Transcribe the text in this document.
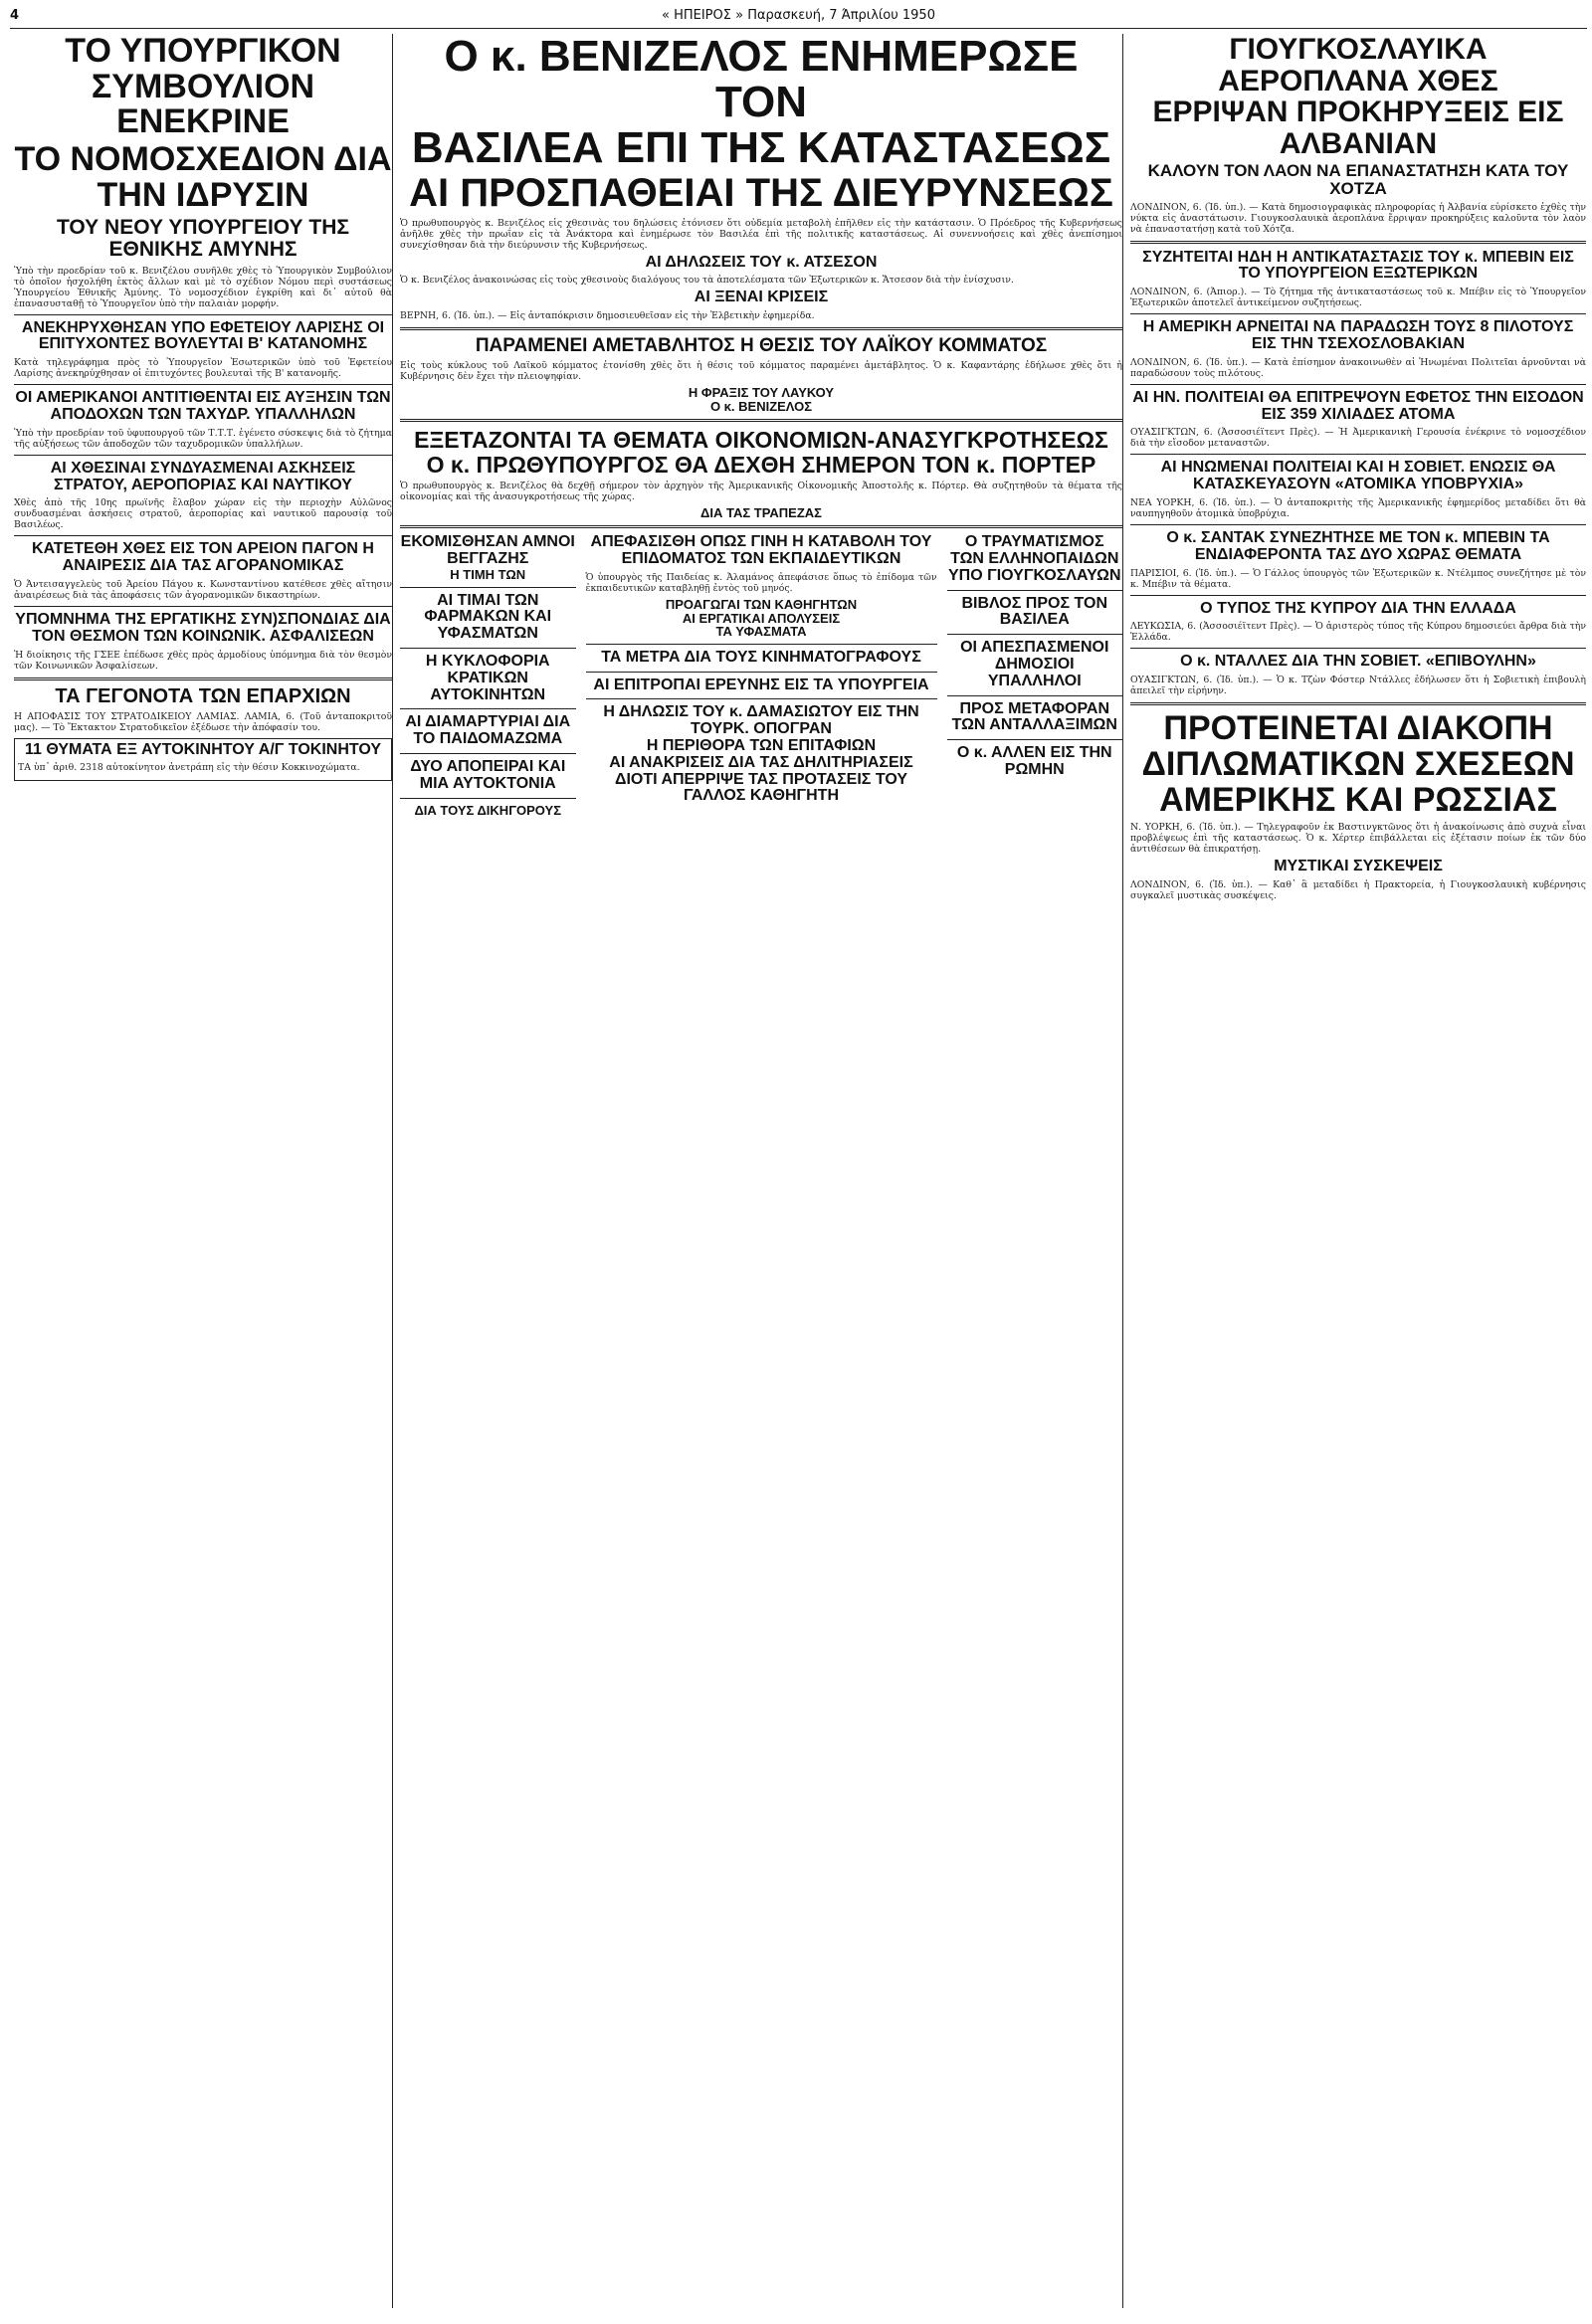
4	« ΗΠΕΙΡΟΣ » Παρασκευή, 7 Άπριλίου 1950
ΤΟ ΥΠΟΥΡΓΙΚΟΝ ΣΥΜΒΟΥΛΙΟΝ ΕΝΕΚΡΙΝΕ
ΤΟ ΝΟΜΟΣΧΕΔΙΟΝ ΔΙΑ ΤΗΝ ΙΔΡΥΣΙΝ
ΤΟΥ ΝΕΟΥ ΥΠΟΥΡΓΕΙΟΥ ΤΗΣ ΕΘΝΙΚΗΣ ΑΜΥΝΗΣ

Ὑπὸ τὴν προεδρίαν τοῦ κ. Βενιζέλου συνῆλθε χθὲς τὸ Ὑπουργικὸν Συμβούλιον τὸ ὁποῖον ἠσχολήθη ἐκτὸς ἄλλων καὶ μὲ τὸ σχέδιον Νόμου περὶ συστάσεως Ὑπουργείου Ἐθνικῆς Ἀμύνης. Τὸ νομοσχέδιον ἐγκρίθη καὶ δι᾽ αὐτοῦ θὰ ἐπανασυσταθῇ τὸ Ὑπουργεῖον ὑπὸ τὴν παλαιὰν μορφήν.

ΑΝΕΚΗΡΥΧΘΗΣΑΝ ΥΠΟ ΕΦΕΤΕΙΟΥ ΛΑΡΙΣΗΣ ΟΙ ΕΠΙΤΥΧΟΝΤΕΣ ΒΟΥΛΕΥΤΑΙ Β' ΚΑΤΑΝΟΜΗΣ

Κατὰ τηλεγράφημα πρὸς τὸ Ὑπουργεῖον Ἐσωτερικῶν ὑπὸ τοῦ Ἐφετείου Λαρίσης ἀνεκηρύχθησαν οἱ ἐπιτυχόντες βουλευταὶ τῆς Β' κατανομῆς.

ΟΙ ΑΜΕΡΙΚΑΝΟΙ ΑΝΤΙΤΙΘΕΝΤΑΙ ΕΙΣ ΑΥΞΗΣΙΝ ΤΩΝ ΑΠΟΔΟΧΩΝ ΤΩΝ ΤΑΧΥΔΡ. ΥΠΑΛΛΗΛΩΝ

Ὑπὸ τὴν προεδρίαν τοῦ ὑφυπουργοῦ τῶν Τ.Τ.Τ. ἐγένετο σύσκεψις διὰ τὸ ζήτημα τῆς αὐξήσεως τῶν ἀποδοχῶν τῶν ταχυδρομικῶν ὑπαλλήλων.

ΑΙ ΧΘΕΣΙΝΑΙ ΣΥΝΔΥΑΣΜΕΝΑΙ ΑΣΚΗΣΕΙΣ ΣΤΡΑΤΟΥ, ΑΕΡΟΠΟΡΙΑΣ ΚΑΙ ΝΑΥΤΙΚΟΥ

Χθὲς ἀπὸ τῆς 10ης πρωϊνῆς ἔλαβον χώραν εἰς τὴν περιοχὴν Αὐλῶνος συνδυασμέναι ἀσκήσεις στρατοῦ, ἀεροπορίας καὶ ναυτικοῦ παρουσίᾳ τοῦ Βασιλέως.

ΚΑΤΕΤΕΘΗ ΧΘΕΣ ΕΙΣ ΤΟΝ ΑΡΕΙΟΝ ΠΑΓΟΝ Η ΑΝΑΙΡΕΣΙΣ ΔΙΑ ΤΑΣ ΑΓΟΡΑΝΟΜΙΚΑΣ

Ὁ Ἀντεισαγγελεὺς τοῦ Ἀρείου Πάγου κ. Κωνσταντίνου κατέθεσε χθὲς αἴτησιν ἀναιρέσεως διὰ τὰς ἀποφάσεις τῶν ἀγορανομικῶν δικαστηρίων.

ΥΠΟΜΝΗΜΑ ΤΗΣ ΕΡΓΑΤΙΚΗΣ ΣΥΝ)ΣΠΟΝΔΙΑΣ ΔΙΑ ΤΟΝ ΘΕΣΜΟΝ ΤΩΝ ΚΟΙΝΩΝΙΚ. ΑΣΦΑΛΙΣΕΩΝ

Ἡ διοίκησις τῆς ΓΣΕΕ ἐπέδωσε χθὲς πρὸς ἁρμοδίους ὑπόμνημα διὰ τὸν θεσμὸν τῶν Κοινωνικῶν Ἀσφαλίσεων.

ΤΑ ΓΕΓΟΝΟΤΑ ΤΩΝ ΕΠΑΡΧΙΩΝ

Η ΑΠΟΦΑΣΙΣ ΤΟΥ ΣΤΡΑΤΟΔΙΚΕΙΟΥ ΛΑΜΙΑΣ. ΛΑΜΙΑ, 6. (Τοῦ ἀνταποκριτοῦ μας). — Τὸ Ἔκτακτον Στρατοδικεῖον ἐξέδωσε τὴν ἀπόφασίν του.

11 ΘΥΜΑΤΑ ΕΞ ΑΥΤΟΚΙΝΗΤΟΥ Α/Γ ΤΟΚΙΝΗΤΟΥ

ΤΑ ὑπ᾽ ἀριθ. 2318 αὐτοκίνητον ἀνετράπη εἰς τὴν θέσιν Κοκκινοχώματα.

Ο κ. ΒΕΝΙΖΕΛΟΣ ΕΝΗΜΕΡΩΣΕ ΤΟΝ
ΒΑΣΙΛΕΑ ΕΠΙ ΤΗΣ ΚΑΤΑΣΤΑΣΕΩΣ
ΑΙ ΠΡΟΣΠΑΘΕΙΑΙ ΤΗΣ ΔΙΕΥΡΥΝΣΕΩΣ

Ὁ πρωθυπουργὸς κ. Βενιζέλος εἰς χθεσινὰς του δηλώσεις ἐτόνισεν ὅτι οὐδεμία μεταβολὴ ἐπῆλθεν εἰς τὴν κατάστασιν. Ὁ Πρόεδρος τῆς Κυβερνήσεως ἀνῆλθε χθὲς τὴν πρωΐαν εἰς τὰ Ἀνάκτορα καὶ ἐνημέρωσε τὸν Βασιλέα ἐπὶ τῆς πολιτικῆς καταστάσεως. Αἱ συνεννοήσεις καὶ χθὲς ἀνεπίσημοι συνεχίσθησαν διὰ τὴν διεύρυνσιν τῆς Κυβερνήσεως.

ΑΙ ΔΗΛΩΣΕΙΣ ΤΟΥ κ. ΑΤΣΕΣΟΝ

Ὁ κ. Βενιζέλος ἀνακοινώσας εἰς τοὺς χθεσινοὺς διαλόγους του τὰ ἀποτελέσματα τῶν Ἐξωτερικῶν κ. Ἄτσεσον διὰ τὴν ἐνίσχυσιν.

ΑΙ ΞΕΝΑΙ ΚΡΙΣΕΙΣ

ΒΕΡΝΗ, 6. (Ἰδ. ὑπ.). — Εἰς ἀνταπόκρισιν δημοσιευθεῖσαν εἰς τὴν Ἑλβετικὴν ἐφημερίδα.

ΠΑΡΑΜΕΝΕΙ ΑΜΕΤΑΒΛΗΤΟΣ Η ΘΕΣΙΣ ΤΟΥ ΛΑΪΚΟΥ ΚΟΜΜΑΤΟΣ

Εἰς τοὺς κύκλους τοῦ Λαϊκοῦ κόμματος ἐτονίσθη χθὲς ὅτι ἡ θέσις τοῦ κόμματος παραμένει ἀμετάβλητος. Ὁ κ. Καφαντάρης ἐδήλωσε χθὲς ὅτι ἡ Κυβέρνησις δὲν ἔχει τὴν πλειοψηφίαν.

Η ΦΡΑΞΙΣ ΤΟΥ ΛΑΥΚΟΥ
Ο κ. ΒΕΝΙΖΕΛΟΣ
ΕΞΕΤΑΖΟΝΤΑΙ ΤΑ ΘΕΜΑΤΑ ΟΙΚΟΝΟΜΙΩΝ-ΑΝΑΣΥΓΚΡΟΤΗΣΕΩΣ
Ο κ. ΠΡΩΘΥΠΟΥΡΓΟΣ ΘΑ ΔΕΧΘΗ ΣΗΜΕΡΟΝ ΤΟΝ κ. ΠΟΡΤΕΡ

Ὁ πρωθυπουργὸς κ. Βενιζέλος θὰ δεχθῇ σήμερον τὸν ἀρχηγὸν τῆς Ἀμερικανικῆς Οἰκονομικῆς Ἀποστολῆς κ. Πόρτερ. Θὰ συζητηθοῦν τὰ θέματα τῆς οἰκονομίας καὶ τῆς ἀνασυγκροτήσεως τῆς χώρας.

ΔΙΑ ΤΑΣ ΤΡΑΠΕΖΑΣ
ΕΚΟΜΙΣΘΗΣΑΝ ΑΜΝΟΙ ΒΕΓΓΑΖΗΣ
Η ΤΙΜΗ ΤΩΝ
ΑΙ ΤΙΜΑΙ ΤΩΝ ΦΑΡΜΑΚΩΝ ΚΑΙ ΥΦΑΣΜΑΤΩΝ
Η ΚΥΚΛΟΦΟΡΙΑ ΚΡΑΤΙΚΩΝ ΑΥΤΟΚΙΝΗΤΩΝ
ΑΙ ΔΙΑΜΑΡΤΥΡΙΑΙ ΔΙΑ ΤΟ ΠΑΙΔΟΜΑΖΩΜΑ
ΔΥΟ ΑΠΟΠΕΙΡΑΙ ΚΑΙ ΜΙΑ ΑΥΤΟΚΤΟΝΙΑ
ΔΙΑ ΤΟΥΣ ΔΙΚΗΓΟΡΟΥΣ
ΑΠΕΦΑΣΙΣΘΗ ΟΠΩΣ ΓΙΝΗ Η ΚΑΤΑΒΟΛΗ ΤΟΥ ΕΠΙΔΟΜΑΤΟΣ ΤΩΝ ΕΚΠΑΙΔΕΥΤΙΚΩΝ

Ὁ ὑπουργὸς τῆς Παιδείας κ. Ἀλαμάνος ἀπεφάσισε ὅπως τὸ ἐπίδομα τῶν ἐκπαιδευτικῶν καταβληθῇ ἐντὸς τοῦ μηνός.

ΠΡΟΑΓΩΓΑΙ ΤΩΝ ΚΑΘΗΓΗΤΩΝ
ΑΙ ΕΡΓΑΤΙΚΑΙ ΑΠΟΛΥΣΕΙΣ
ΤΑ ΥΦΑΣΜΑΤΑ
ΤΑ ΜΕΤΡΑ ΔΙΑ ΤΟΥΣ ΚΙΝΗΜΑΤΟΓΡΑΦΟΥΣ
ΑΙ ΕΠΙΤΡΟΠΑΙ ΕΡΕΥΝΗΣ ΕΙΣ ΤΑ ΥΠΟΥΡΓΕΙΑ
Η ΔΗΛΩΣΙΣ ΤΟΥ κ. ΔΑΜΑΣΙΩΤΟΥ ΕΙΣ ΤΗΝ ΤΟΥΡΚ. ΟΠΟΓΡΑΝ
Η ΠΕΡΙΘΟΡΑ ΤΩΝ ΕΠΙΤΑΦΙΩΝ
ΑΙ ΑΝΑΚΡΙΣΕΙΣ ΔΙΑ ΤΑΣ ΔΗΛΙΤΗΡΙΑΣΕΙΣ
ΔΙΟΤΙ ΑΠΕΡΡΙΨΕ ΤΑΣ ΠΡΟΤΑΣΕΙΣ ΤΟΥ
ΓΑΛΛΟΣ ΚΑΘΗΓΗΤΗ
Ο ΤΡΑΥΜΑΤΙΣΜΟΣ ΤΩΝ ΕΛΛΗΝΟΠΑΙΔΩΝ ΥΠΟ ΓΙΟΥΓΚΟΣΛΑΥΩΝ
ΒΙΒΛΟΣ ΠΡΟΣ ΤΟΝ ΒΑΣΙΛΕΑ
ΟΙ ΑΠΕΣΠΑΣΜΕΝΟΙ ΔΗΜΟΣΙΟΙ ΥΠΑΛΛΗΛΟΙ
ΠΡΟΣ ΜΕΤΑΦΟΡΑΝ ΤΩΝ ΑΝΤΑΛΛΑΞΙΜΩΝ
Ο κ. ΑΛΛΕΝ ΕΙΣ ΤΗΝ ΡΩΜΗΝ
ΓΙΟΥΓΚΟΣΛΑΥΙΚΑ ΑΕΡΟΠΛΑΝΑ ΧΘΕΣ
ΕΡΡΙΨΑΝ ΠΡΟΚΗΡΥΞΕΙΣ ΕΙΣ ΑΛΒΑΝΙΑΝ
ΚΑΛΟΥΝ ΤΟΝ ΛΑΟΝ ΝΑ ΕΠΑΝΑΣΤΑΤΗΣΗ ΚΑΤΑ ΤΟΥ ΧΟΤΖΑ

ΛΟΝΔΙΝΟΝ, 6. (Ἰδ. ὑπ.). — Κατὰ δημοσιογραφικὰς πληροφορίας ἡ Ἀλβανία εὑρίσκετο ἐχθὲς τὴν νύκτα εἰς ἀναστάτωσιν. Γιουγκοσλαυικὰ ἀεροπλάνα ἔρριψαν προκηρύξεις καλοῦντα τὸν λαὸν νὰ ἐπαναστατήσῃ κατὰ τοῦ Χότζα.

ΣΥΖΗΤΕΙΤΑΙ ΗΔΗ Η ΑΝΤΙΚΑΤΑΣΤΑΣΙΣ ΤΟΥ κ. ΜΠΕΒΙΝ ΕΙΣ ΤΟ ΥΠΟΥΡΓΕΙΟΝ ΕΞΩΤΕΡΙΚΩΝ

ΛΟΝΔΙΝΟΝ, 6. (Ἀπιορ.). — Τὸ ζήτημα τῆς ἀντικαταστάσεως τοῦ κ. Μπέβιν εἰς τὸ Ὑπουργεῖον Ἐξωτερικῶν ἀποτελεῖ ἀντικείμενον συζητήσεως.

Η ΑΜΕΡΙΚΗ ΑΡΝΕΙΤΑΙ ΝΑ ΠΑΡΑΔΩΣΗ ΤΟΥΣ 8 ΠΙΛΟΤΟΥΣ ΕΙΣ ΤΗΝ ΤΣΕΧΟΣΛΟΒΑΚΙΑΝ

ΛΟΝΔΙΝΟΝ, 6. (Ἰδ. ὑπ.). — Κατὰ ἐπίσημον ἀνακοινωθὲν αἱ Ἡνωμέναι Πολιτεῖαι ἀρνοῦνται νὰ παραδώσουν τοὺς πιλότους.

ΑΙ ΗΝ. ΠΟΛΙΤΕΙΑΙ ΘΑ ΕΠΙΤΡΕΨΟΥΝ ΕΦΕΤΟΣ ΤΗΝ ΕΙΣΟΔΟΝ ΕΙΣ 359 ΧΙΛΙΑΔΕΣ ΑΤΟΜΑ

ΟΥΑΣΙΓΚΤΩΝ, 6. (Ἀσσοσιέϊτεντ Πρὲς). — Ἡ Ἀμερικανικὴ Γερουσία ἐνέκρινε τὸ νομοσχέδιον διὰ τὴν εἴσοδον μεταναστῶν.

ΑΙ ΗΝΩΜΕΝΑΙ ΠΟΛΙΤΕΙΑΙ ΚΑΙ Η ΣΟΒΙΕΤ. ΕΝΩΣΙΣ ΘΑ ΚΑΤΑΣΚΕΥΑΣΟΥΝ «ΑΤΟΜΙΚΑ ΥΠΟΒΡΥΧΙΑ»

ΝΕΑ ΥΟΡΚΗ, 6. (Ἰδ. ὑπ.). — Ὁ ἀνταποκριτὴς τῆς Ἀμερικανικῆς ἐφημερίδος μεταδίδει ὅτι θὰ ναυπηγηθοῦν ἀτομικὰ ὑποβρύχια.

Ο κ. ΣΑΝΤΑΚ ΣΥΝΕΖΗΤΗΣΕ ΜΕ ΤΟΝ κ. ΜΠΕΒΙΝ ΤΑ ΕΝΔΙΑΦΕΡΟΝΤΑ ΤΑΣ ΔΥΟ ΧΩΡΑΣ ΘΕΜΑΤΑ

ΠΑΡΙΣΙΟΙ, 6. (Ἰδ. ὑπ.). — Ὁ Γάλλος ὑπουργὸς τῶν Ἐξωτερικῶν κ. Ντέλμπος συνεζήτησε μὲ τὸν κ. Μπέβιν τὰ θέματα.

Ο ΤΥΠΟΣ ΤΗΣ ΚΥΠΡΟΥ ΔΙΑ ΤΗΝ ΕΛΛΑΔΑ

ΛΕΥΚΩΣΙΑ, 6. (Ἀσσοσιέϊτεντ Πρὲς). — Ὁ ἀριστερὸς τύπος τῆς Κύπρου δημοσιεύει ἄρθρα διὰ τὴν Ἑλλάδα.

Ο κ. ΝΤΑΛΛΕΣ ΔΙΑ ΤΗΝ ΣΟΒΙΕΤ. «ΕΠΙΒΟΥΛΗΝ»

ΟΥΑΣΙΓΚΤΩΝ, 6. (Ἰδ. ὑπ.). — Ὁ κ. Τζὼν Φόστερ Ντάλλες ἐδήλωσεν ὅτι ἡ Σοβιετικὴ ἐπιβουλὴ ἀπειλεῖ τὴν εἰρήνην.

ΠΡΟΤΕΙΝΕΤΑΙ ΔΙΑΚΟΠΗ
ΔΙΠΛΩΜΑΤΙΚΩΝ ΣΧΕΣΕΩΝ
ΑΜΕΡΙΚΗΣ ΚΑΙ ΡΩΣΣΙΑΣ

Ν. ΥΟΡΚΗ, 6. (Ἰδ. ὑπ.). — Τηλεγραφοῦν ἐκ Βαστινγκτῶνος ὅτι ἡ ἀνακοίνωσις ἀπὸ συχνὰ εἶναι προβλέψεως ἐπὶ τῆς καταστάσεως. Ὁ κ. Χέρτερ ἐπιβάλλεται εἰς ἐξέτασιν ποίων ἐκ τῶν δύο ἀντιθέσεων θὰ ἐπικρατήσῃ.

ΜΥΣΤΙΚΑΙ ΣΥΣΚΕΨΕΙΣ

ΛΟΝΔΙΝΟΝ, 6. (Ἰδ. ὑπ.). — Καθ᾽ ἃ μεταδίδει ἡ Πρακτορεία, ἡ Γιουγκοσλαυικὴ κυβέρνησις συγκαλεῖ μυστικὰς συσκέψεις.
